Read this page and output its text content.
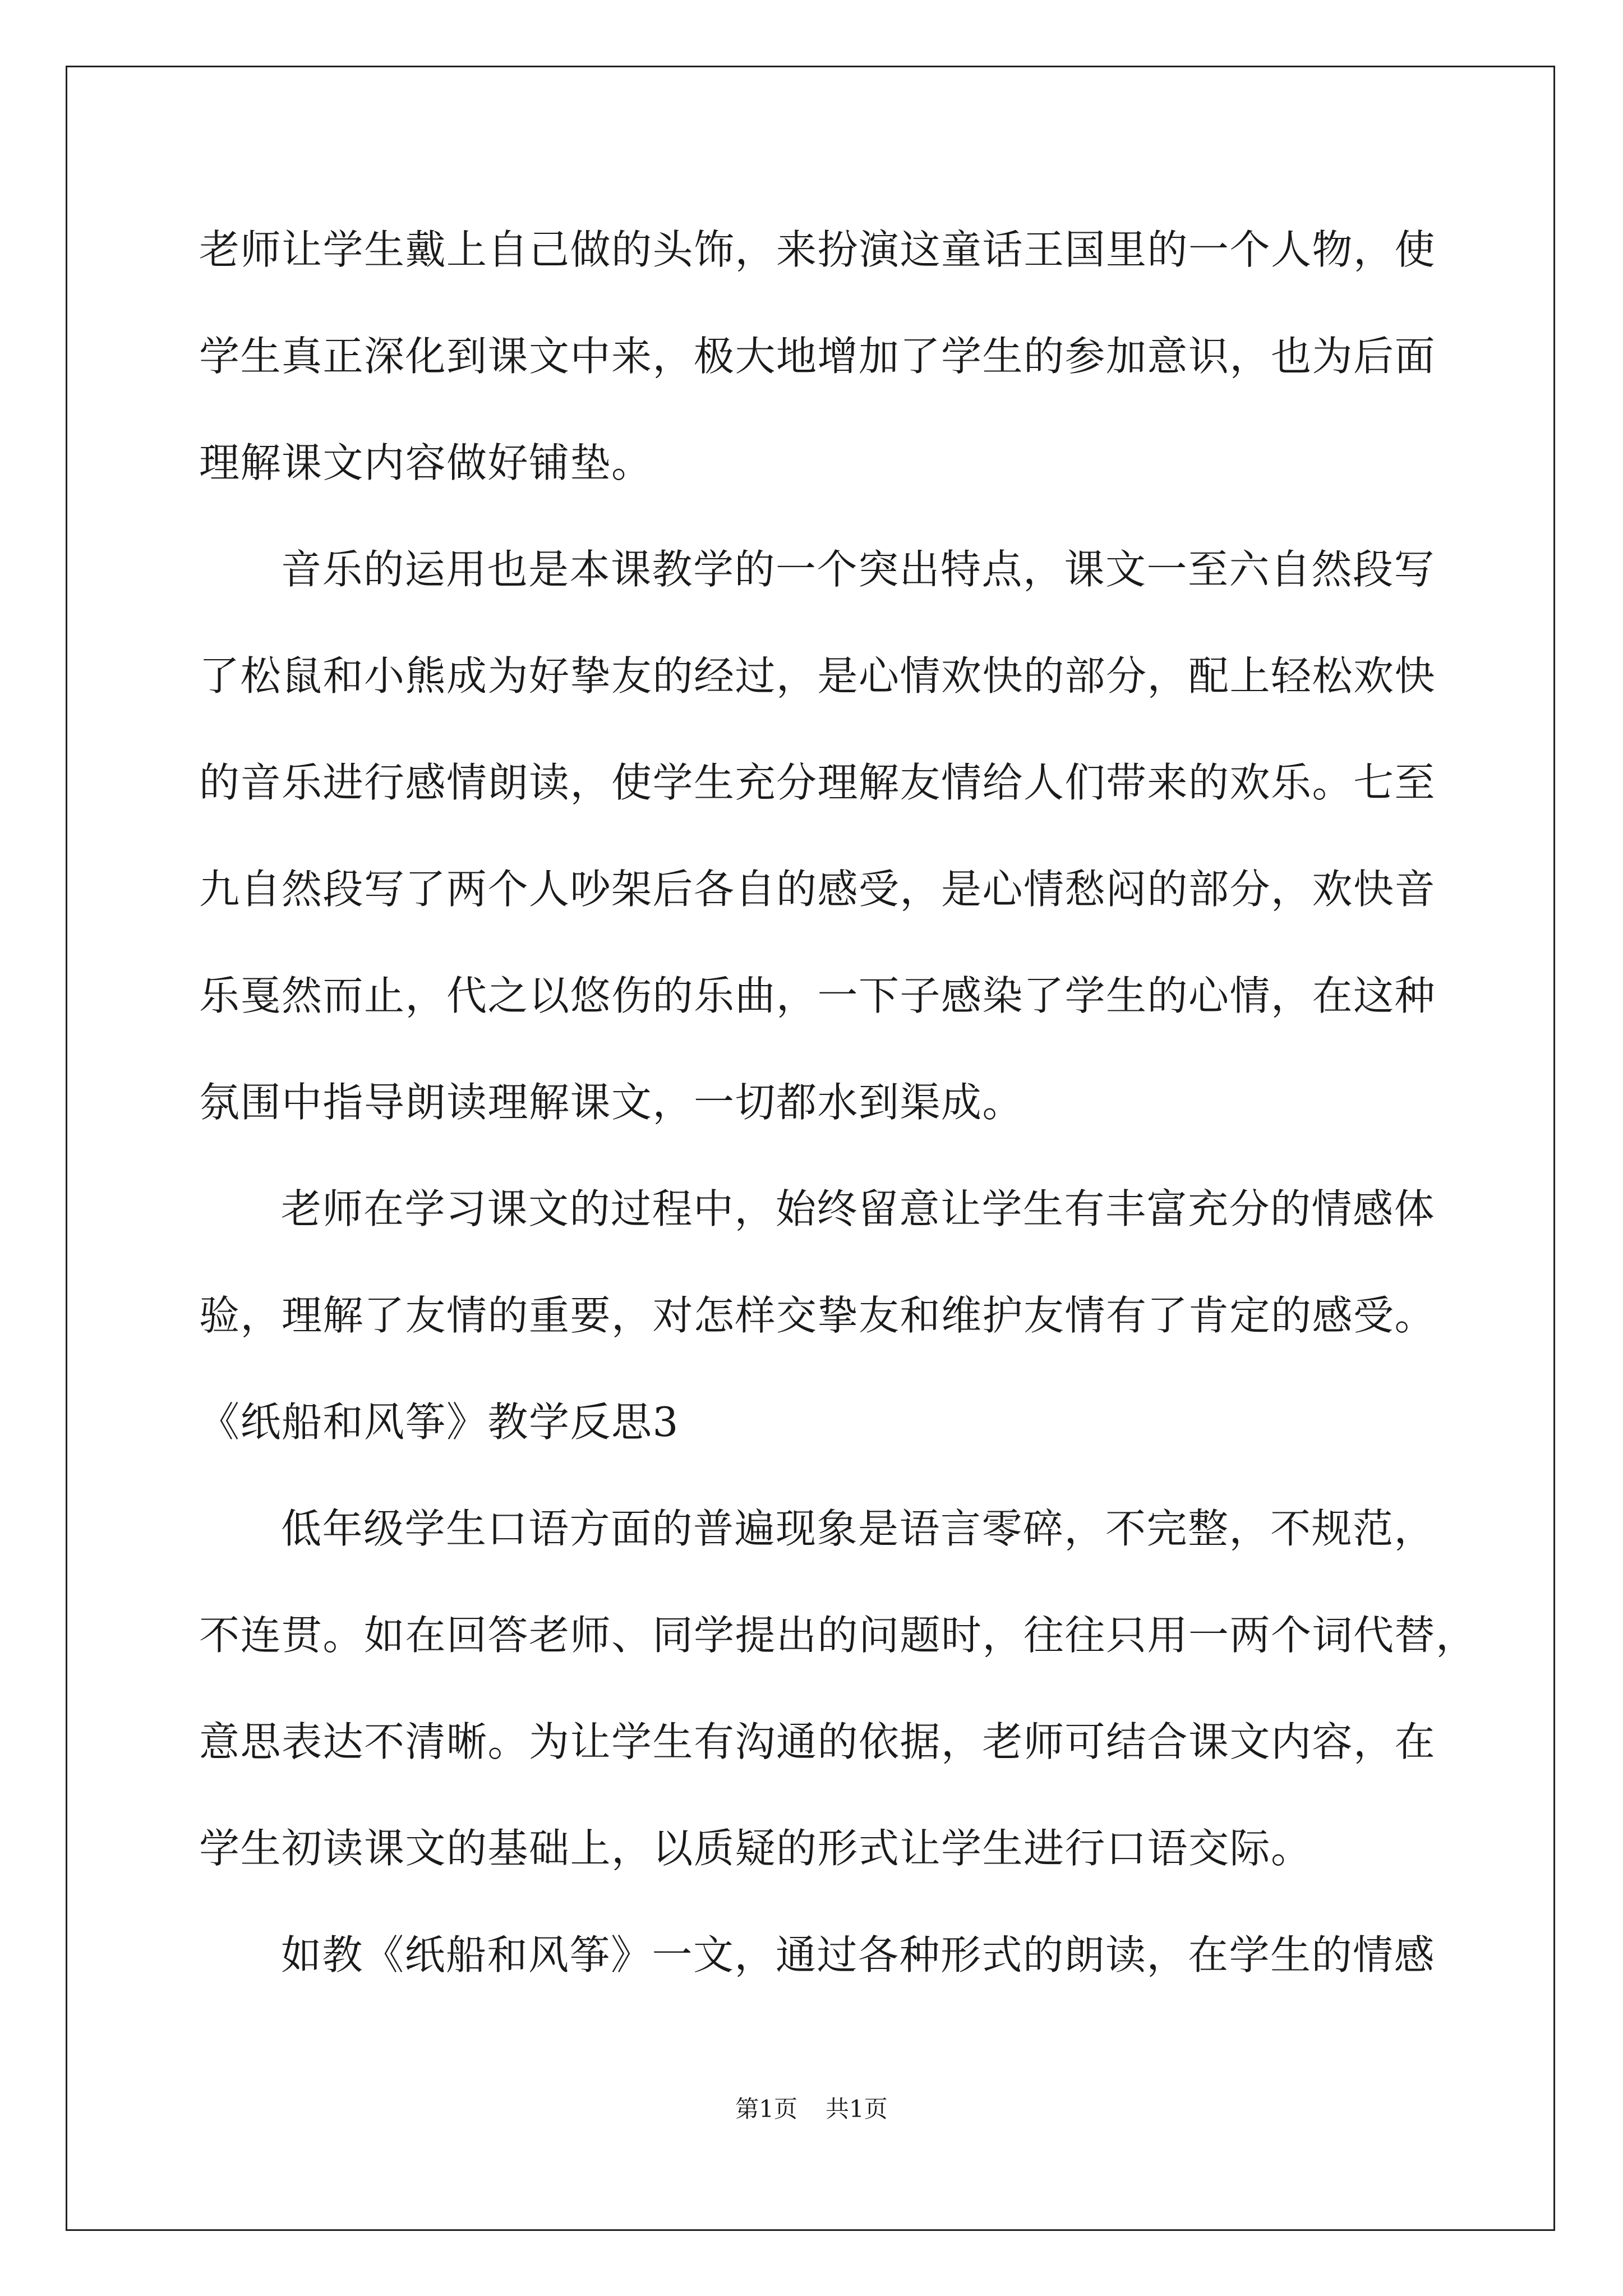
老师让学生戴上自己做的头饰，来扮演这童话王国里的一个人物，使
学生真正深化到课文中来，极大地增加了学生的参加意识，也为后面
理解课文内容做好铺垫。
音乐的运用也是本课教学的一个突出特点，课文一至六自然段写
了松鼠和小熊成为好挚友的经过，是心情欢快的部分，配上轻松欢快
的音乐进行感情朗读，使学生充分理解友情给人们带来的欢乐。七至
九自然段写了两个人吵架后各自的感受，是心情愁闷的部分，欢快音
乐戛然而止，代之以悠伤的乐曲，一下子感染了学生的心情，在这种
氛围中指导朗读理解课文，一切都水到渠成。
老师在学习课文的过程中，始终留意让学生有丰富充分的情感体
验，理解了友情的重要，对怎样交挚友和维护友情有了肯定的感受。
《纸船和风筝》教学反思3
低年级学生口语方面的普遍现象是语言零碎，不完整，不规范，
不连贯。如在回答老师、同学提出的问题时，往往只用一两个词代替，
意思表达不清晰。为让学生有沟通的依据，老师可结合课文内容，在
学生初读课文的基础上，以质疑的形式让学生进行口语交际。
如教《纸船和风筝》一文，通过各种形式的朗读，在学生的情感
第1页 共1页
